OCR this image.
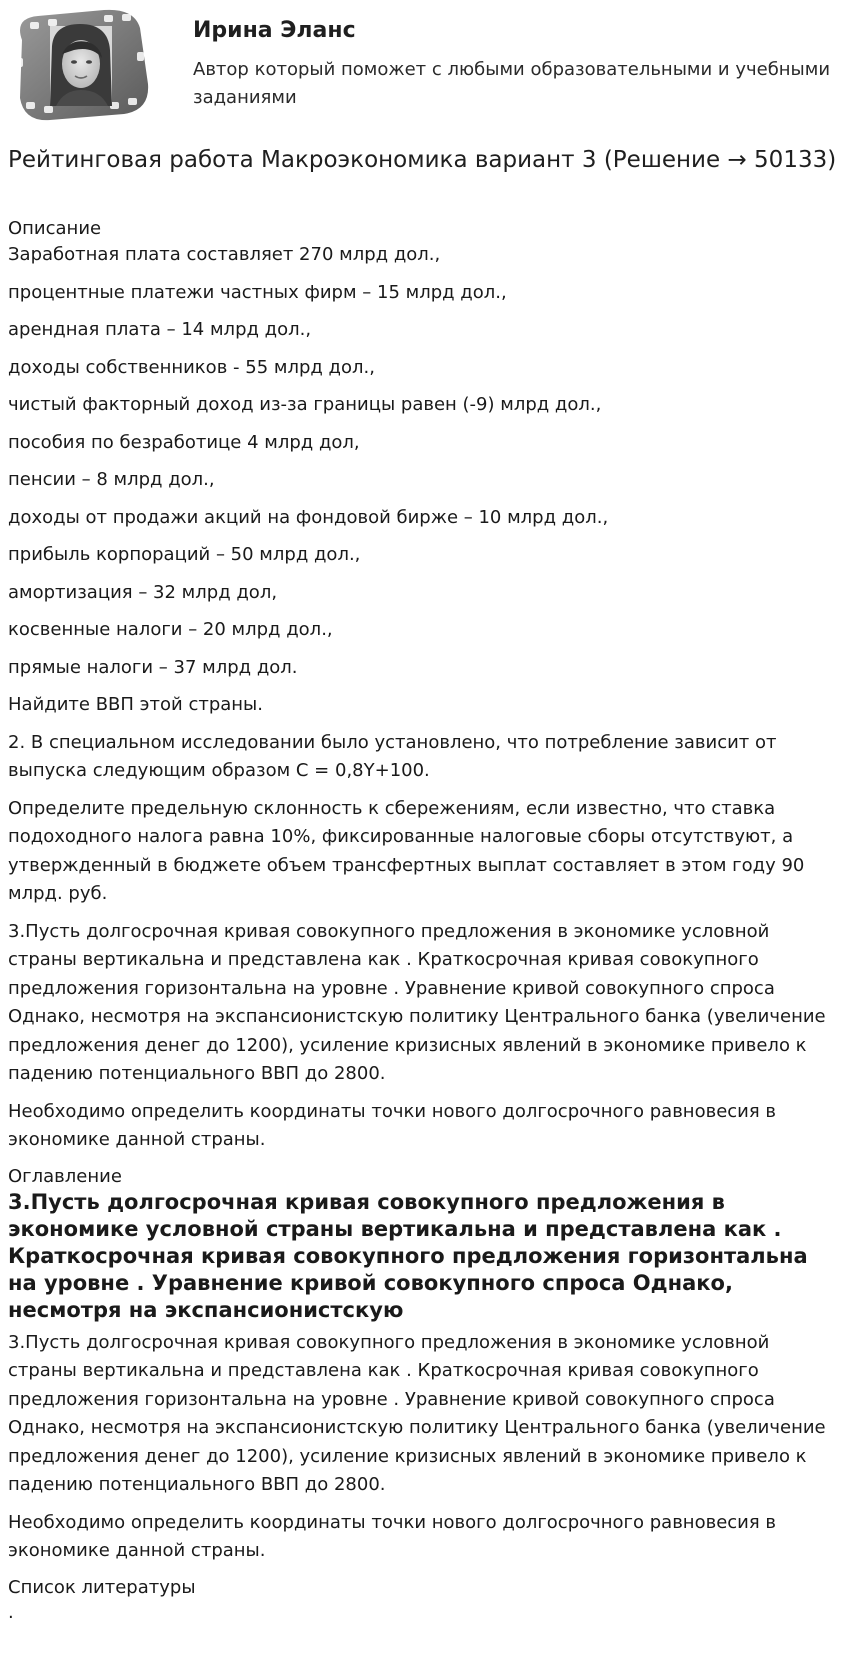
Ирина Эланс
Автор который поможет с любыми образовательными и учебными заданиями
Рейтинговая работа Макроэкономика вариант 3 (Решение → 50133)
Описание

Заработная плата составляет 270 млрд дол.,

процентные платежи частных фирм – 15 млрд дол.,

арендная плата – 14 млрд дол.,

доходы собственников - 55 млрд дол.,

чистый факторный доход из-за границы равен (-9) млрд дол.,

пособия по безработице 4 млрд дол,

пенсии – 8 млрд дол.,

доходы от продажи акций на фондовой бирже – 10 млрд дол.,

прибыль корпораций – 50 млрд дол.,

амортизация – 32 млрд дол,

косвенные налоги – 20 млрд дол.,

прямые налоги – 37 млрд дол.

Найдите ВВП этой страны.

2. В специальном исследовании было установлено, что потребление зависит от выпуска следующим образом С = 0,8Y+100.

Определите предельную склонность к сбережениям, если известно, что ставка подоходного налога равна 10%, фиксированные налоговые сборы отсутствуют, а утвержденный в бюджете объем трансфертных выплат составляет в этом году 90 млрд. руб.

3.Пусть долгосрочная кривая совокупного предложения в экономике условной страны вертикальна и представлена как . Краткосрочная кривая совокупного предложения горизонтальна на уровне . Уравнение кривой совокупного спроса Однако, несмотря на экспансионистскую политику Центрального банка (увеличение предложения денег до 1200), усиление кризисных явлений в экономике привело к падению потенциального ВВП до 2800.

Необходимо определить координаты точки нового долгосрочного равновесия в экономике данной страны.

Оглавление
3.Пусть долгосрочная кривая совокупного предложения в экономике условной страны вертикальна и представлена как . Краткосрочная кривая совокупного предложения горизонтальна на уровне . Уравнение кривой совокупного спроса Однако, несмотря на экспансионистскую

3.Пусть долгосрочная кривая совокупного предложения в экономике условной страны вертикальна и представлена как . Краткосрочная кривая совокупного предложения горизонтальна на уровне . Уравнение кривой совокупного спроса Однако, несмотря на экспансионистскую политику Центрального банка (увеличение предложения денег до 1200), усиление кризисных явлений в экономике привело к падению потенциального ВВП до 2800.

Необходимо определить координаты точки нового долгосрочного равновесия в экономике данной страны.

Список литературы
.
